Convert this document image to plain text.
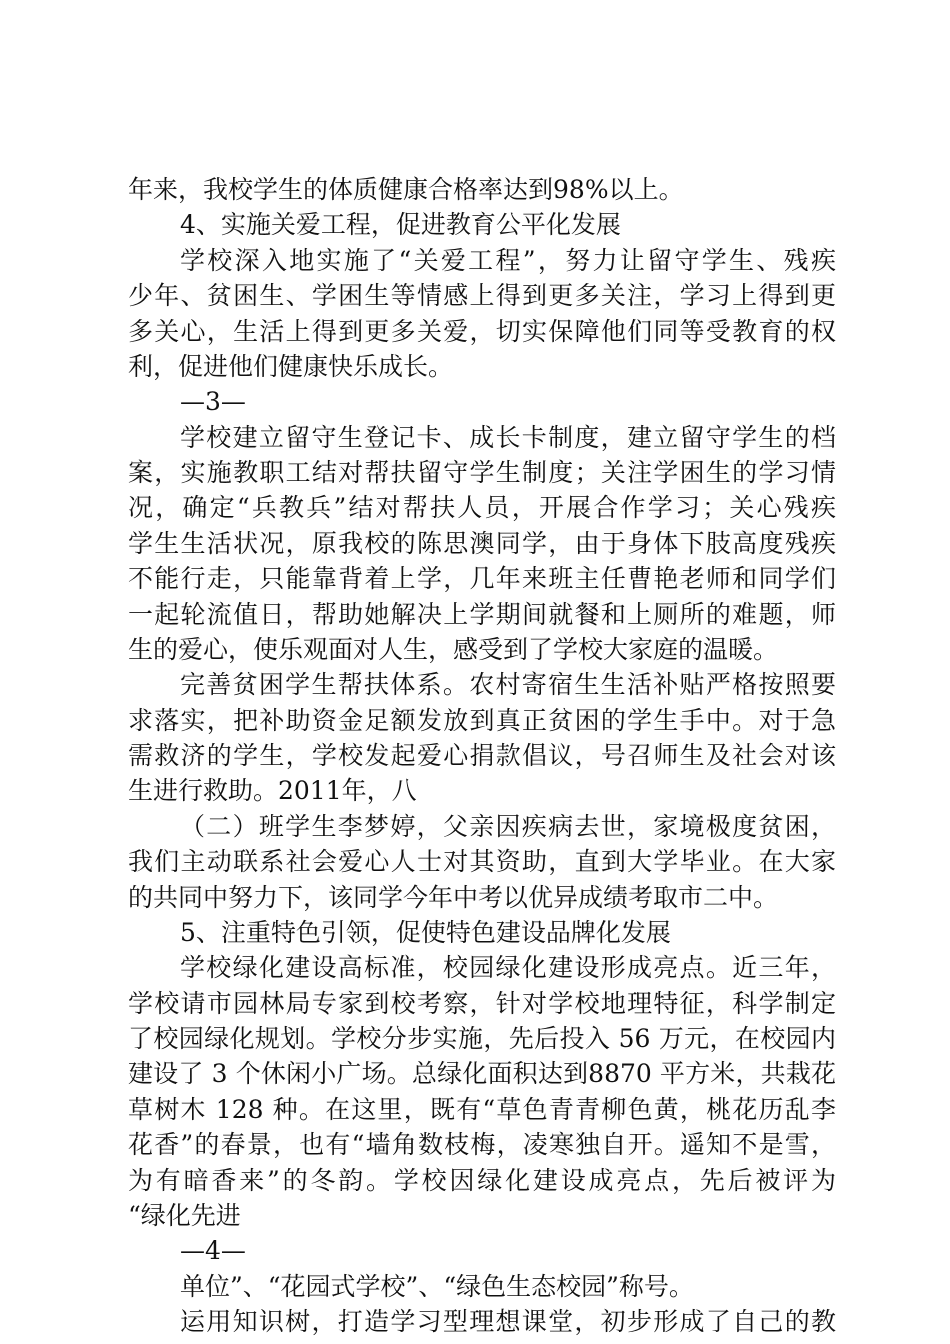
年来，我校学生的体质健康合格率达到98%以上。
4、实施关爱工程，促进教育公平化发展
学校深入地实施了“关爱工程”，努力让留守学生、残疾
少年、贫困生、学困生等情感上得到更多关注，学习上得到更
多关心，生活上得到更多关爱，切实保障他们同等受教育的权
利，促进他们健康快乐成长。
—3—
学校建立留守生登记卡、成长卡制度，建立留守学生的档
案，实施教职工结对帮扶留守学生制度；关注学困生的学习情
况，确定“兵教兵”结对帮扶人员，开展合作学习；关心残疾
学生生活状况，原我校的陈思澳同学，由于身体下肢高度残疾
不能行走，只能靠背着上学，几年来班主任曹艳老师和同学们
一起轮流值日，帮助她解决上学期间就餐和上厕所的难题，师
生的爱心，使乐观面对人生，感受到了学校大家庭的温暖。
完善贫困学生帮扶体系。农村寄宿生生活补贴严格按照要
求落实，把补助资金足额发放到真正贫困的学生手中。对于急
需救济的学生，学校发起爱心捐款倡议，号召师生及社会对该
生进行救助。2011年，八
（二）班学生李梦婷，父亲因疾病去世，家境极度贫困，
我们主动联系社会爱心人士对其资助，直到大学毕业。在大家
的共同中努力下，该同学今年中考以优异成绩考取市二中。
5、注重特色引领，促使特色建设品牌化发展
学校绿化建设高标准，校园绿化建设形成亮点。近三年，
学校请市园林局专家到校考察，针对学校地理特征，科学制定
了校园绿化规划。学校分步实施，先后投入 56 万元，在校园内
建设了 3 个休闲小广场。总绿化面积达到8870 平方米，共栽花
草树木 128 种。在这里，既有“草色青青柳色黄，桃花历乱李
花香”的春景，也有“墙角数枝梅，凌寒独自开。遥知不是雪，
为有暗香来”的冬韵。学校因绿化建设成亮点，先后被评为
“绿化先进
—4—
单位”、“花园式学校”、“绿色生态校园”称号。
运用知识树，打造学习型理想课堂，初步形成了自己的教
